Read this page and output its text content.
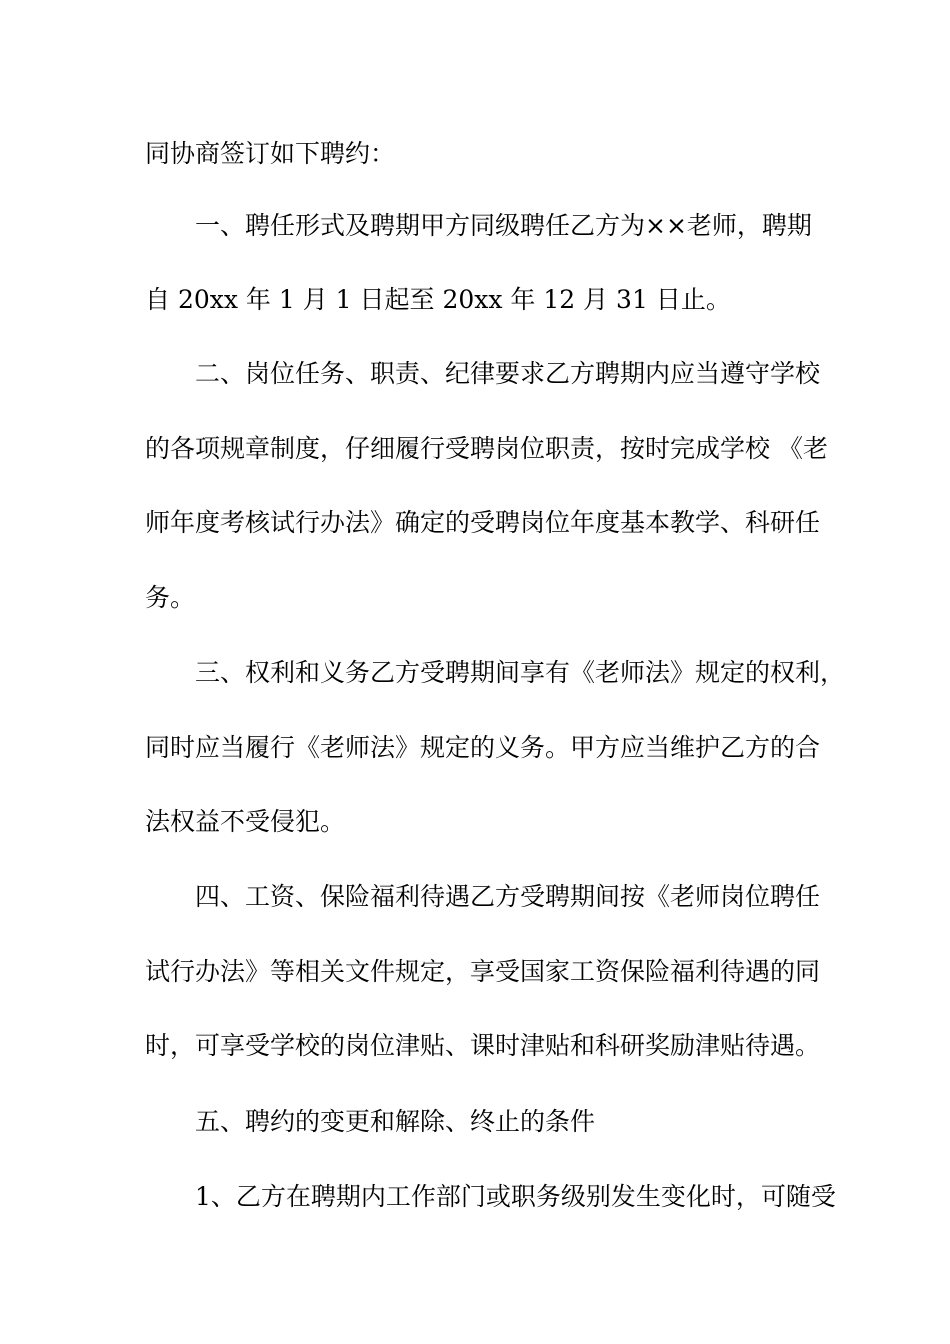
同协商签订如下聘约：
一、聘任形式及聘期甲方同级聘任乙方为××老师，聘期
自 20xx 年 1 月 1 日起至 20xx 年 12 月 31 日止。
二、岗位任务、职责、纪律要求乙方聘期内应当遵守学校
的各项规章制度，仔细履行受聘岗位职责，按时完成学校 《老
师年度考核试行办法》确定的受聘岗位年度基本教学、科研任
务。
三、权利和义务乙方受聘期间享有《老师法》规定的权利，
同时应当履行《老师法》规定的义务。甲方应当维护乙方的合
法权益不受侵犯。
四、工资、保险福利待遇乙方受聘期间按《老师岗位聘任
试行办法》等相关文件规定，享受国家工资保险福利待遇的同
时，可享受学校的岗位津贴、课时津贴和科研奖励津贴待遇。
五、聘约的变更和解除、终止的条件
1、乙方在聘期内工作部门或职务级别发生变化时，可随受
